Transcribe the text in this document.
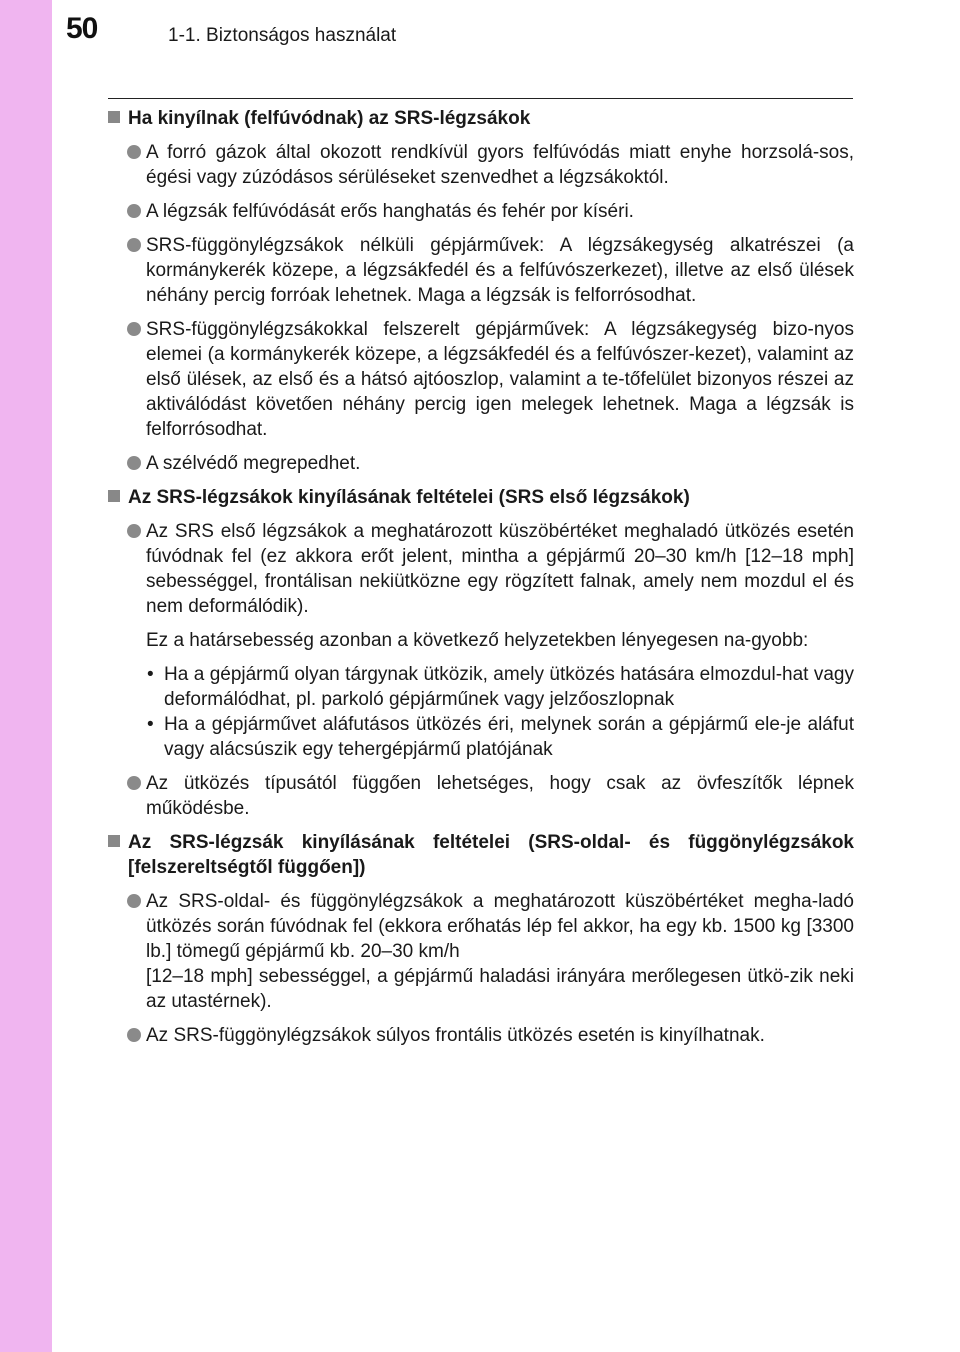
50	1-1. Biztonságos használat
Ha kinyílnak (felfúvódnak) az SRS-légzsákok
A forró gázok által okozott rendkívül gyors felfúvódás miatt enyhe horzsolá-sos, égési vagy zúzódásos sérüléseket szenvedhet a légzsákoktól.
A légzsák felfúvódását erős hanghatás és fehér por kíséri.
SRS-függönylégzsákok nélküli gépjárművek: A légzsákegység alkatrészei (a kormánykerék közepe, a légzsákfedél és a felfúvószerkezet), illetve az első ülések néhány percig forróak lehetnek. Maga a légzsák is felforrósodhat.
SRS-függönylégzsákokkal felszerelt gépjárművek: A légzsákegység bizo-nyos elemei (a kormánykerék közepe, a légzsákfedél és a felfúvószer-kezet), valamint az első ülések, az első és a hátsó ajtóoszlop, valamint a te-tőfelület bizonyos részei az aktiválódást követően néhány percig igen melegek lehetnek. Maga a légzsák is felforrósodhat.
A szélvédő megrepedhet.
Az SRS-légzsákok kinyílásának feltételei (SRS első légzsákok)
Az SRS első légzsákok a meghatározott küszöbértéket meghaladó ütközés esetén fúvódnak fel (ez akkora erőt jelent, mintha a gépjármű 20–30 km/h [12–18 mph] sebességgel, frontálisan nekiütközne egy rögzített falnak, amely nem mozdul el és nem deformálódik).
Ez a határsebesség azonban a következő helyzetekben lényegesen na-gyobb:
• Ha a gépjármű olyan tárgynak ütközik, amely ütközés hatására elmozdul-hat vagy deformálódhat, pl. parkoló gépjárműnek vagy jelzőoszlopnak
• Ha a gépjárművet aláfutásos ütközés éri, melynek során a gépjármű ele-je aláfut vagy alácsúszik egy tehergépjármű platójának
Az ütközés típusától függően lehetséges, hogy csak az övfeszítők lépnek működésbe.
Az SRS-légzsák kinyílásának feltételei (SRS-oldal- és függönylégzsákok [felszereltségtől függően])
Az SRS-oldal- és függönylégzsákok a meghatározott küszöbértéket megha-ladó ütközés során fúvódnak fel (ekkora erőhatás lép fel akkor, ha egy kb. 1500 kg [3300 lb.] tömegű gépjármű kb. 20–30 km/h
[12–18 mph] sebességgel, a gépjármű haladási irányára merőlegesen ütkö-zik neki az utastérnek).
Az SRS-függönylégzsákok súlyos frontális ütközés esetén is kinyílhatnak.
